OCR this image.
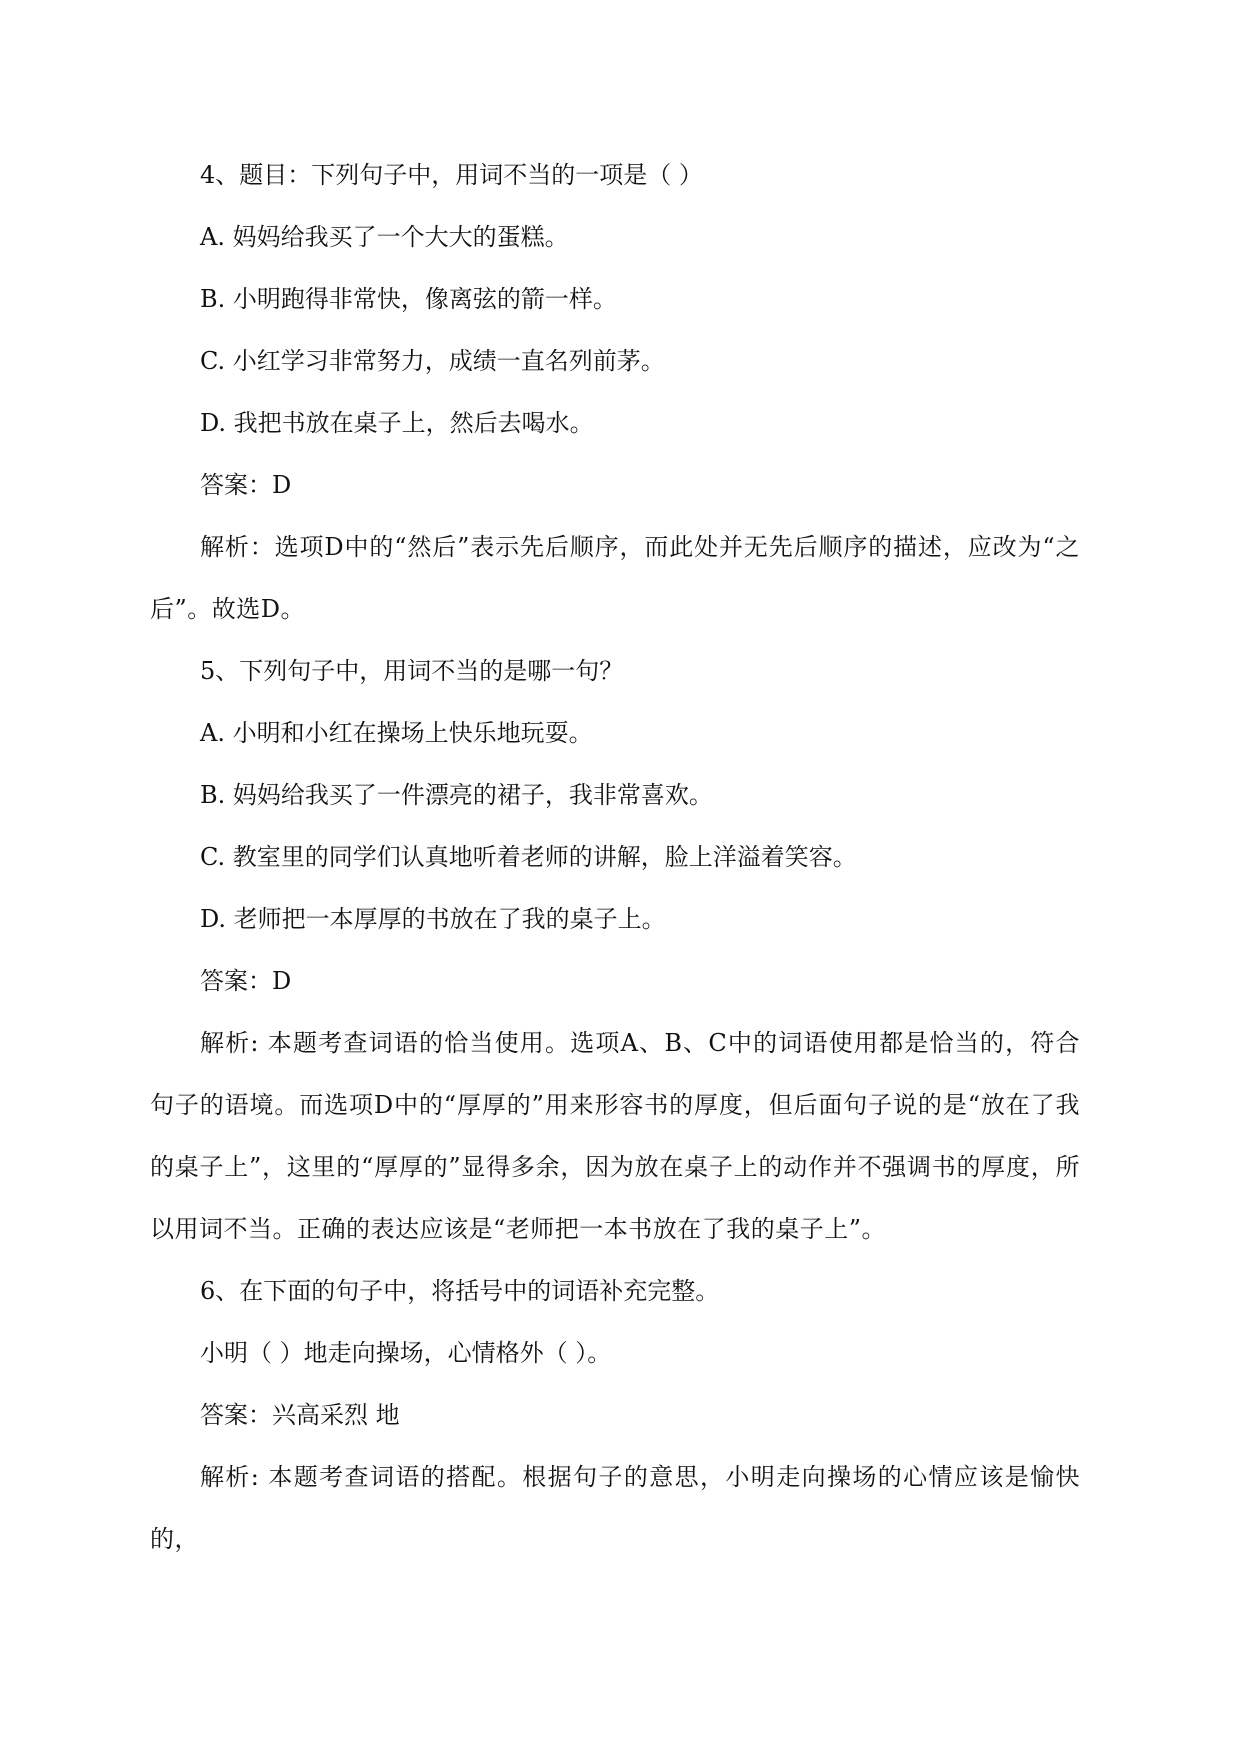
4、题目：下列句子中，用词不当的一项是（ ）
A. 妈妈给我买了一个大大的蛋糕。
B. 小明跑得非常快，像离弦的箭一样。
C. 小红学习非常努力，成绩一直名列前茅。
D. 我把书放在桌子上，然后去喝水。
答案：D

解析：选项D中的“然后”表示先后顺序，而此处并无先后顺序的描述，应改为“之后”。故选D。

5、下列句子中，用词不当的是哪一句？
A. 小明和小红在操场上快乐地玩耍。
B. 妈妈给我买了一件漂亮的裙子，我非常喜欢。
C. 教室里的同学们认真地听着老师的讲解，脸上洋溢着笑容。
D. 老师把一本厚厚的书放在了我的桌子上。
答案：D

解析: 本题考查词语的恰当使用。选项A、B、C中的词语使用都是恰当的，符合句子的语境。而选项D中的“厚厚的”用来形容书的厚度，但后面句子说的是“放在了我的桌子上”，这里的“厚厚的”显得多余，因为放在桌子上的动作并不强调书的厚度，所以用词不当。正确的表达应该是“老师把一本书放在了我的桌子上”。

6、在下面的句子中，将括号中的词语补充完整。
小明（ ）地走向操场，心情格外（ ）。
答案：兴高采烈 地

解析: 本题考查词语的搭配。根据句子的意思，小明走向操场的心情应该是愉快的，
